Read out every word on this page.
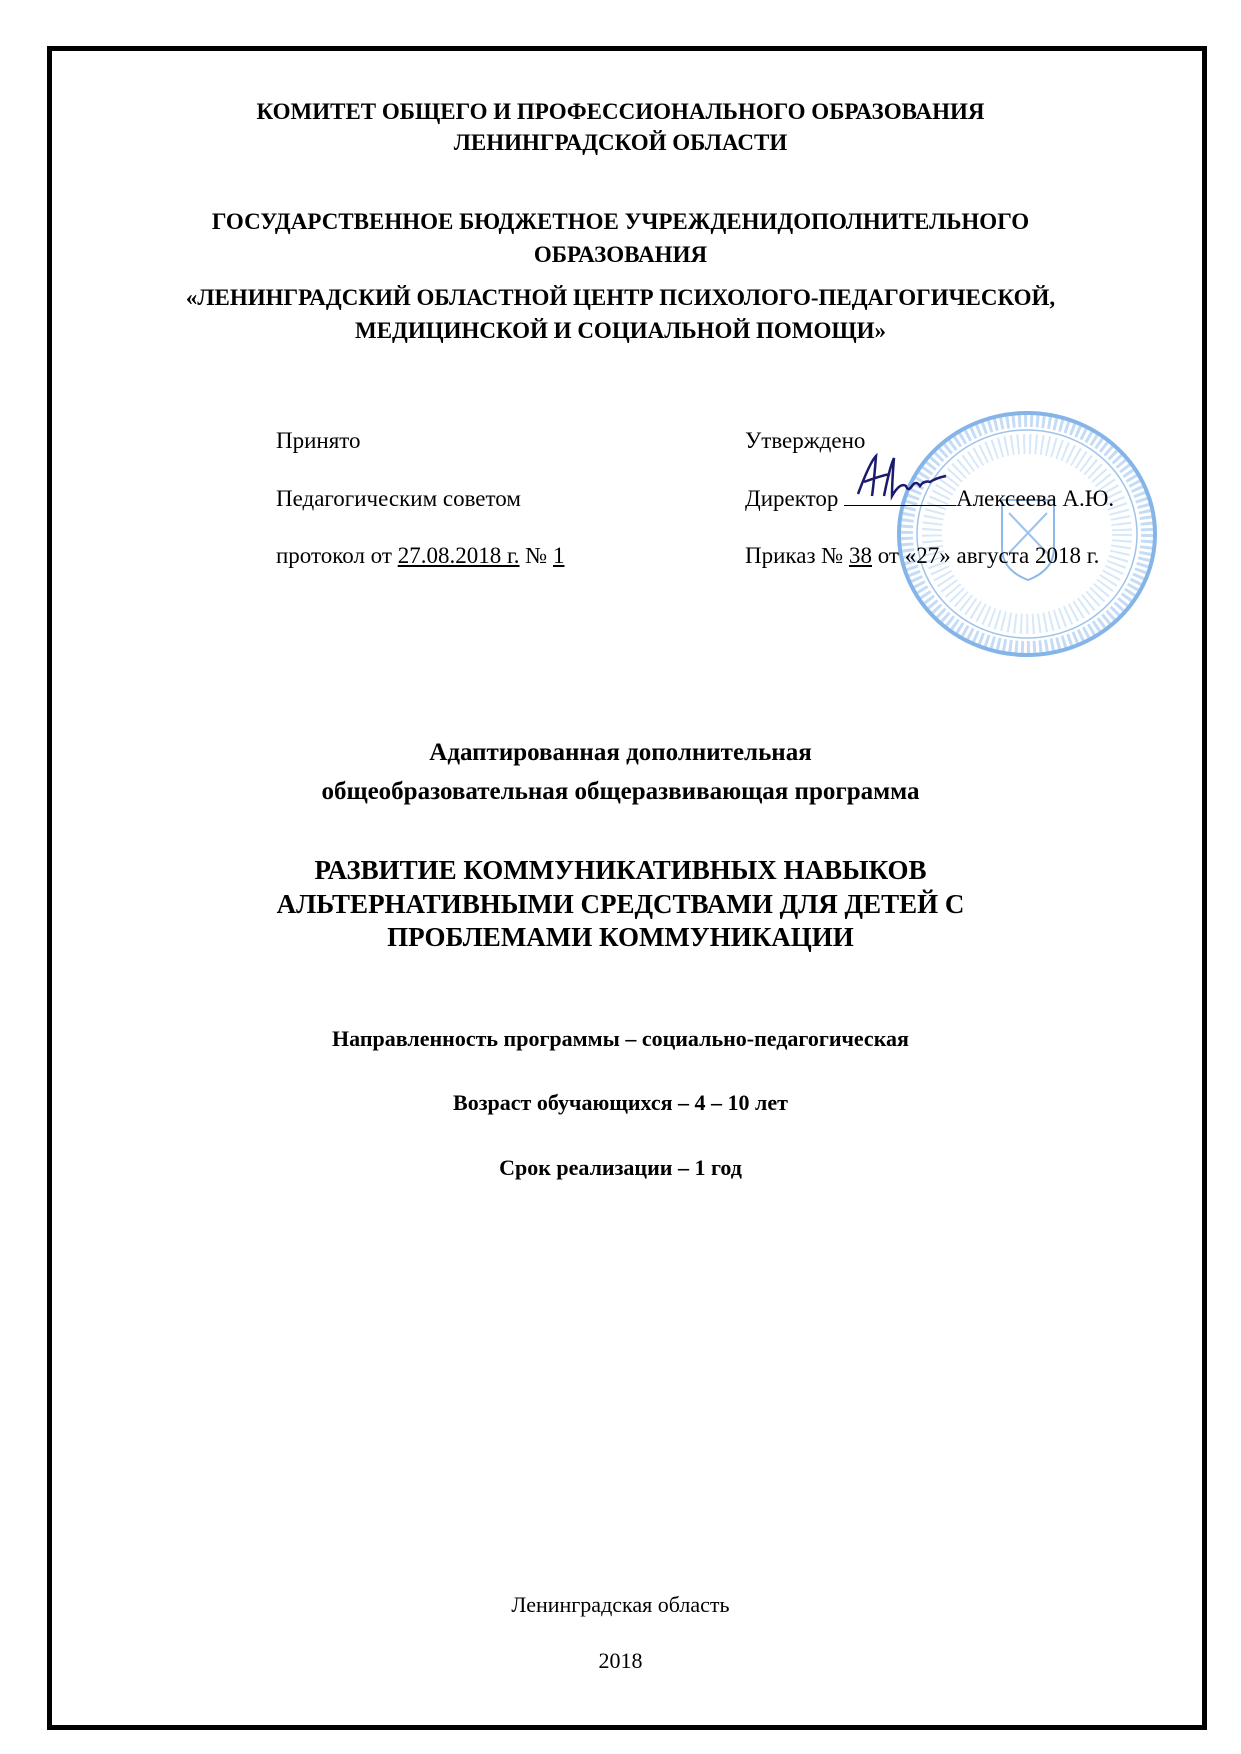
КОМИТЕТ ОБЩЕГО И ПРОФЕССИОНАЛЬНОГО ОБРАЗОВАНИЯ
ЛЕНИНГРАДСКОЙ ОБЛАСТИ
ГОСУДАРСТВЕННОЕ БЮДЖЕТНОЕ УЧРЕЖДЕНИДОПОЛНИТЕЛЬНОГО
ОБРАЗОВАНИЯ
«ЛЕНИНГРАДСКИЙ ОБЛАСТНОЙ ЦЕНТР ПСИХОЛОГО-ПЕДАГОГИЧЕСКОЙ,
МЕДИЦИНСКОЙ И СОЦИАЛЬНОЙ ПОМОЩИ»
Принято
Педагогическим советом
протокол от 27.08.2018 г. № 1
Утверждено
Директор	Алексеева А.Ю.
Приказ № 38 от «27» августа 2018 г.
Адаптированная дополнительная
общеобразовательная общеразвивающая программа
РАЗВИТИЕ КОММУНИКАТИВНЫХ НАВЫКОВ
АЛЬТЕРНАТИВНЫМИ СРЕДСТВАМИ ДЛЯ ДЕТЕЙ С
ПРОБЛЕМАМИ КОММУНИКАЦИИ
Направленность программы – социально-педагогическая
Возраст обучающихся – 4 – 10 лет
Срок реализации – 1 год
Ленинградская область
2018
